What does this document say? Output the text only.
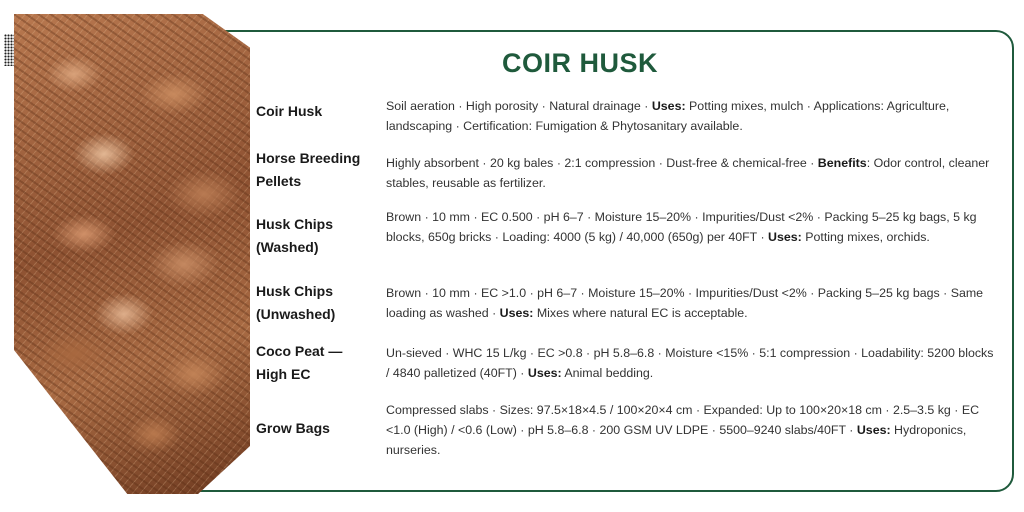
COIR HUSK
Coir Husk	Soil aeration · High porosity · Natural drainage · Uses: Potting mixes, mulch · Applications: Agriculture, landscaping · Certification: Fumigation & Phytosanitary available.
Horse Breeding Pellets
Highly absorbent · 20 kg bales · 2:1 compression · Dust-free & chemical-free · Benefits: Odor control, cleaner stables, reusable as fertilizer.
Husk Chips (Washed)
Brown · 10 mm · EC 0.500 · pH 6–7 · Moisture 15–20% · Impurities/Dust <2% · Packing 5–25 kg bags, 5 kg blocks, 650g bricks · Loading: 4000 (5 kg) / 40,000 (650g) per 40FT · Uses: Potting mixes, orchids.
Husk Chips (Unwashed)
Brown · 10 mm · EC >1.0 · pH 6–7 · Moisture 15–20% · Impurities/Dust <2% · Packing 5–25 kg bags · Same loading as washed · Uses: Mixes where natural EC is acceptable.
Coco Peat — High EC
Un-sieved · WHC 15 L/kg · EC >0.8 · pH 5.8–6.8 · Moisture <15% · 5:1 compression · Loadability: 5200 blocks / 4840 palletized (40FT) · Uses: Animal bedding.
Grow Bags
Compressed slabs · Sizes: 97.5×18×4.5 / 100×20×4 cm · Expanded: Up to 100×20×18 cm · 2.5–3.5 kg · EC <1.0 (High) / <0.6 (Low) · pH 5.8–6.8 · 200 GSM UV LDPE · 5500–9240 slabs/40FT · Uses: Hydroponics, nurseries.
